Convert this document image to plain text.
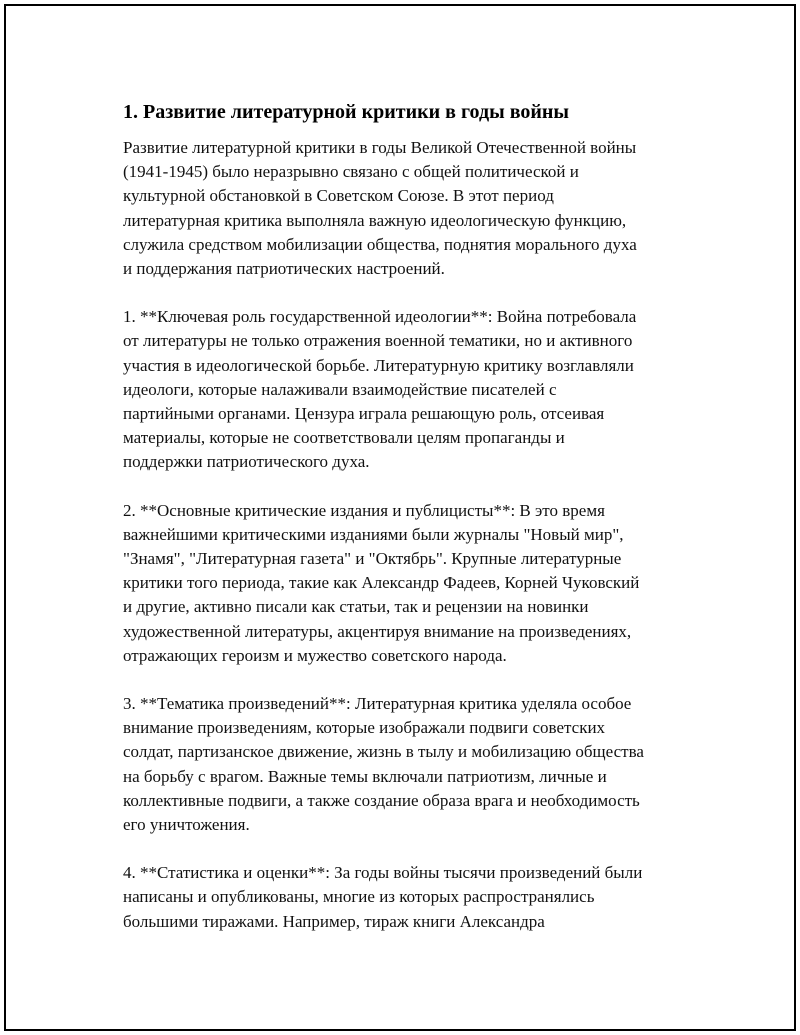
1. Развитие литературной критики в годы войны

Развитие литературной критики в годы Великой Отечественной войны
(1941-1945) было неразрывно связано с общей политической и
культурной обстановкой в Советском Союзе. В этот период
литературная критика выполняла важную идеологическую функцию,
служила средством мобилизации общества, поднятия морального духа
и поддержания патриотических настроений.

1. **Ключевая роль государственной идеологии**: Война потребовала
от литературы не только отражения военной тематики, но и активного
участия в идеологической борьбе. Литературную критику возглавляли
идеологи, которые налаживали взаимодействие писателей с
партийными органами. Цензура играла решающую роль, отсеивая
материалы, которые не соответствовали целям пропаганды и
поддержки патриотического духа.

2. **Основные критические издания и публицисты**: В это время
важнейшими критическими изданиями были журналы "Новый мир",
"Знамя", "Литературная газета" и "Октябрь". Крупные литературные
критики того периода, такие как Александр Фадеев, Корней Чуковский
и другие, активно писали как статьи, так и рецензии на новинки
художественной литературы, акцентируя внимание на произведениях,
отражающих героизм и мужество советского народа.

3. **Тематика произведений**: Литературная критика уделяла особое
внимание произведениям, которые изображали подвиги советских
солдат, партизанское движение, жизнь в тылу и мобилизацию общества
на борьбу с врагом. Важные темы включали патриотизм, личные и
коллективные подвиги, а также создание образа врага и необходимость
его уничтожения.

4. **Статистика и оценки**: За годы войны тысячи произведений были
написаны и опубликованы, многие из которых распространялись
большими тиражами. Например, тираж книги Александра
